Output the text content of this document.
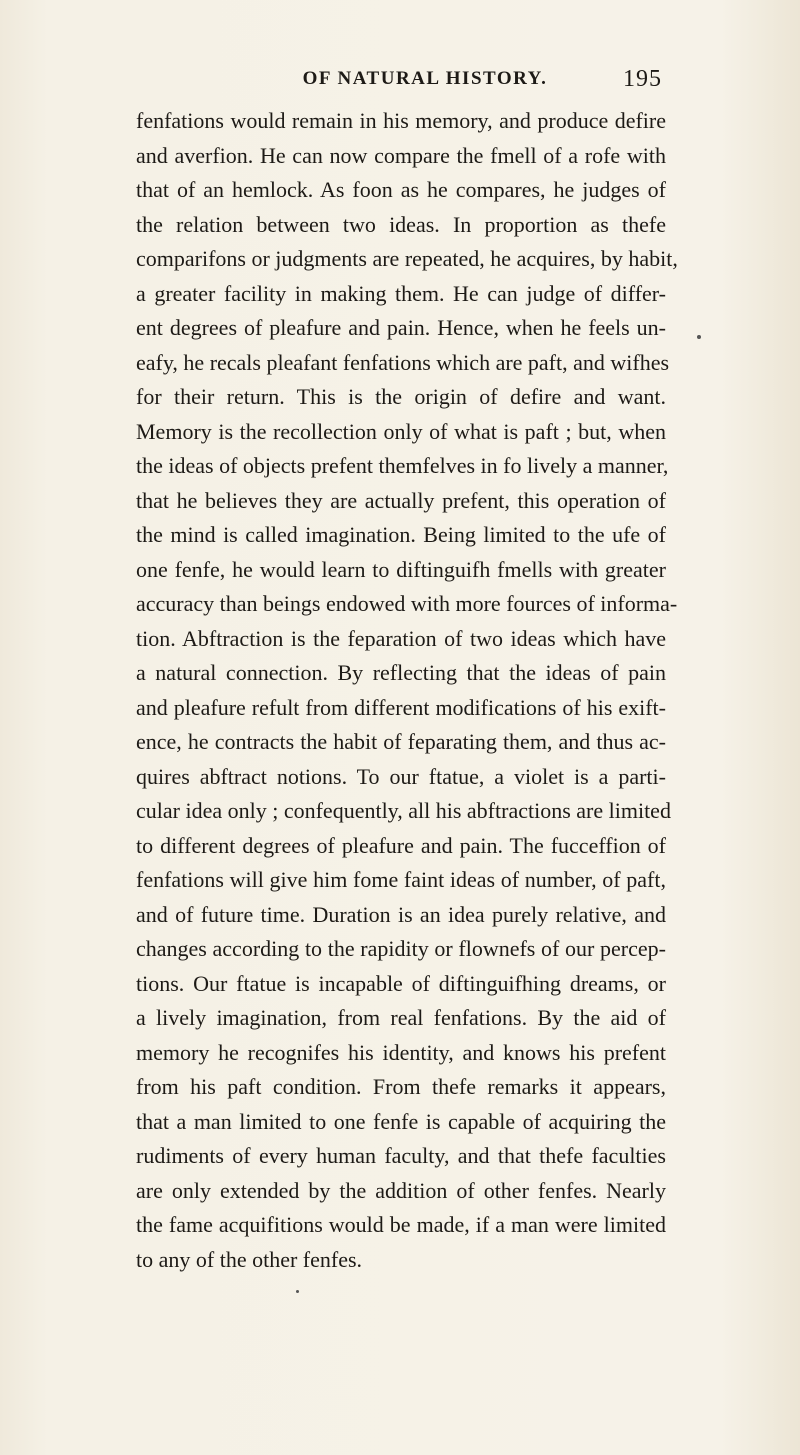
OF NATURAL HISTORY.	195
fenfations would remain in his memory, and produce defire
and averfion. He can now compare the fmell of a rofe with
that of an hemlock. As foon as he compares, he judges of
the relation between two ideas. In proportion as thefe
comparifons or judgments are repeated, he acquires, by habit,
a greater facility in making them. He can judge of differ-
ent degrees of pleafure and pain. Hence, when he feels un-
eafy, he recals pleafant fenfations which are paft, and wifhes
for their return. This is the origin of defire and want.
Memory is the recollection only of what is paft ; but, when
the ideas of objects prefent themfelves in fo lively a manner,
that he believes they are actually prefent, this operation of
the mind is called imagination. Being limited to the ufe of
one fenfe, he would learn to diftinguifh fmells with greater
accuracy than beings endowed with more fources of informa-
tion. Abftraction is the feparation of two ideas which have
a natural connection. By reflecting that the ideas of pain
and pleafure refult from different modifications of his exift-
ence, he contracts the habit of feparating them, and thus ac-
quires abftract notions. To our ftatue, a violet is a parti-
cular idea only ; confequently, all his abftractions are limited
to different degrees of pleafure and pain. The fucceffion of
fenfations will give him fome faint ideas of number, of paft,
and of future time. Duration is an idea purely relative, and
changes according to the rapidity or flownefs of our percep-
tions. Our ftatue is incapable of diftinguifhing dreams, or
a lively imagination, from real fenfations. By the aid of
memory he recognifes his identity, and knows his prefent
from his paft condition. From thefe remarks it appears,
that a man limited to one fenfe is capable of acquiring the
rudiments of every human faculty, and that thefe faculties
are only extended by the addition of other fenfes. Nearly
the fame acquifitions would be made, if a man were limited
to any of the other fenfes.
